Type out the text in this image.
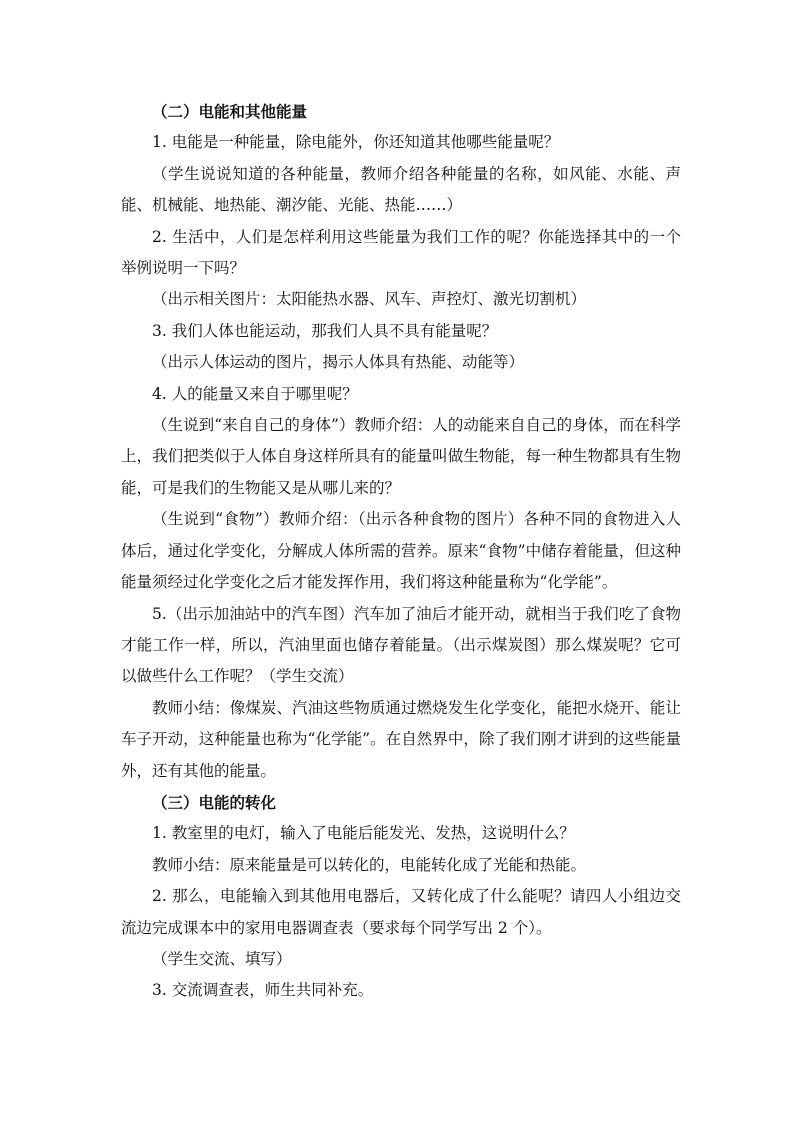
（二）电能和其他能量

1. 电能是一种能量，除电能外，你还知道其他哪些能量呢？

（学生说说知道的各种能量，教师介绍各种能量的名称，如风能、水能、声能、机械能、地热能、潮汐能、光能、热能……）

2. 生活中，人们是怎样利用这些能量为我们工作的呢？你能选择其中的一个举例说明一下吗？

（出示相关图片：太阳能热水器、风车、声控灯、激光切割机）

3. 我们人体也能运动，那我们人具不具有能量呢？

（出示人体运动的图片，揭示人体具有热能、动能等）

4. 人的能量又来自于哪里呢？

（生说到“来自自己的身体”）教师介绍：人的动能来自自己的身体，而在科学上，我们把类似于人体自身这样所具有的能量叫做生物能，每一种生物都具有生物能，可是我们的生物能又是从哪儿来的？

（生说到“食物”）教师介绍：（出示各种食物的图片）各种不同的食物进入人体后，通过化学变化，分解成人体所需的营养。原来“食物”中储存着能量，但这种能量须经过化学变化之后才能发挥作用，我们将这种能量称为“化学能”。

5.（出示加油站中的汽车图）汽车加了油后才能开动，就相当于我们吃了食物才能工作一样，所以，汽油里面也储存着能量。（出示煤炭图）那么煤炭呢？它可以做些什么工作呢？（学生交流）

教师小结：像煤炭、汽油这些物质通过燃烧发生化学变化，能把水烧开、能让车子开动，这种能量也称为“化学能”。在自然界中，除了我们刚才讲到的这些能量外，还有其他的能量。

（三）电能的转化

1. 教室里的电灯，输入了电能后能发光、发热，这说明什么？

教师小结：原来能量是可以转化的，电能转化成了光能和热能。

2. 那么，电能输入到其他用电器后，又转化成了什么能呢？请四人小组边交流边完成课本中的家用电器调查表（要求每个同学写出 2 个）。

（学生交流、填写）

3. 交流调查表，师生共同补充。
